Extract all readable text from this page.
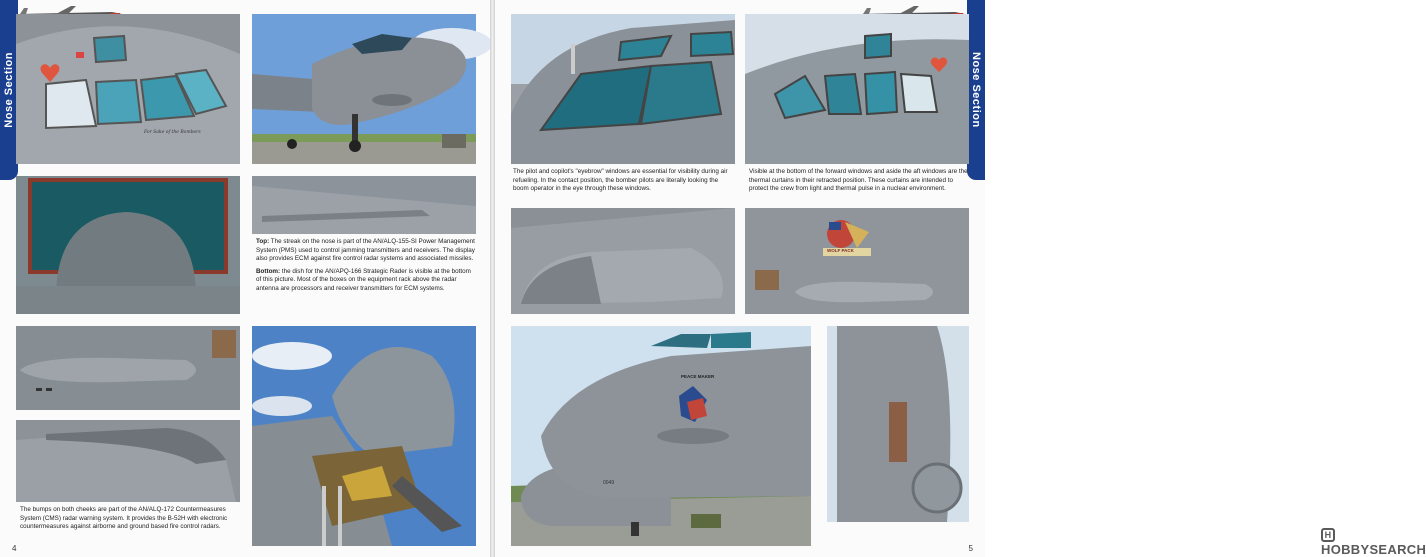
Nose Section
For Sake of the Bombers

Top: The streak on the nose is part of the AN/ALQ-155-SI Power Management System (PMS) used to control jamming transmitters and receivers. The display also provides ECM against fire control radar systems and associated missiles.

Bottom: the dish for the AN/APQ-166 Strategic Rader is visible at the bottom of this picture. Most of the boxes on the equipment rack above the radar antenna are processors and receiver transmitters for ECM systems.

The bumps on both cheeks are part of the AN/ALQ-172 Countermeasures System (CMS) radar warning system. It provides the B-52H with electronic countermeasures against airborne and ground based fire control radars.
4
Nose Section
The pilot and copilot's "eyebrow" windows are essential for visibility during air refueling. In the contact position, the bomber pilots are literally looking the boom operator in the eye through these windows.
Visible at the bottom of the forward windows and aside the aft windows are the thermal curtains in their retracted position. These curtains are intended to protect the crew from light and thermal pulse in a nuclear environment.
WOLF PACK
PEACE MAKER
0049
HHOBBYSEARCH
5
